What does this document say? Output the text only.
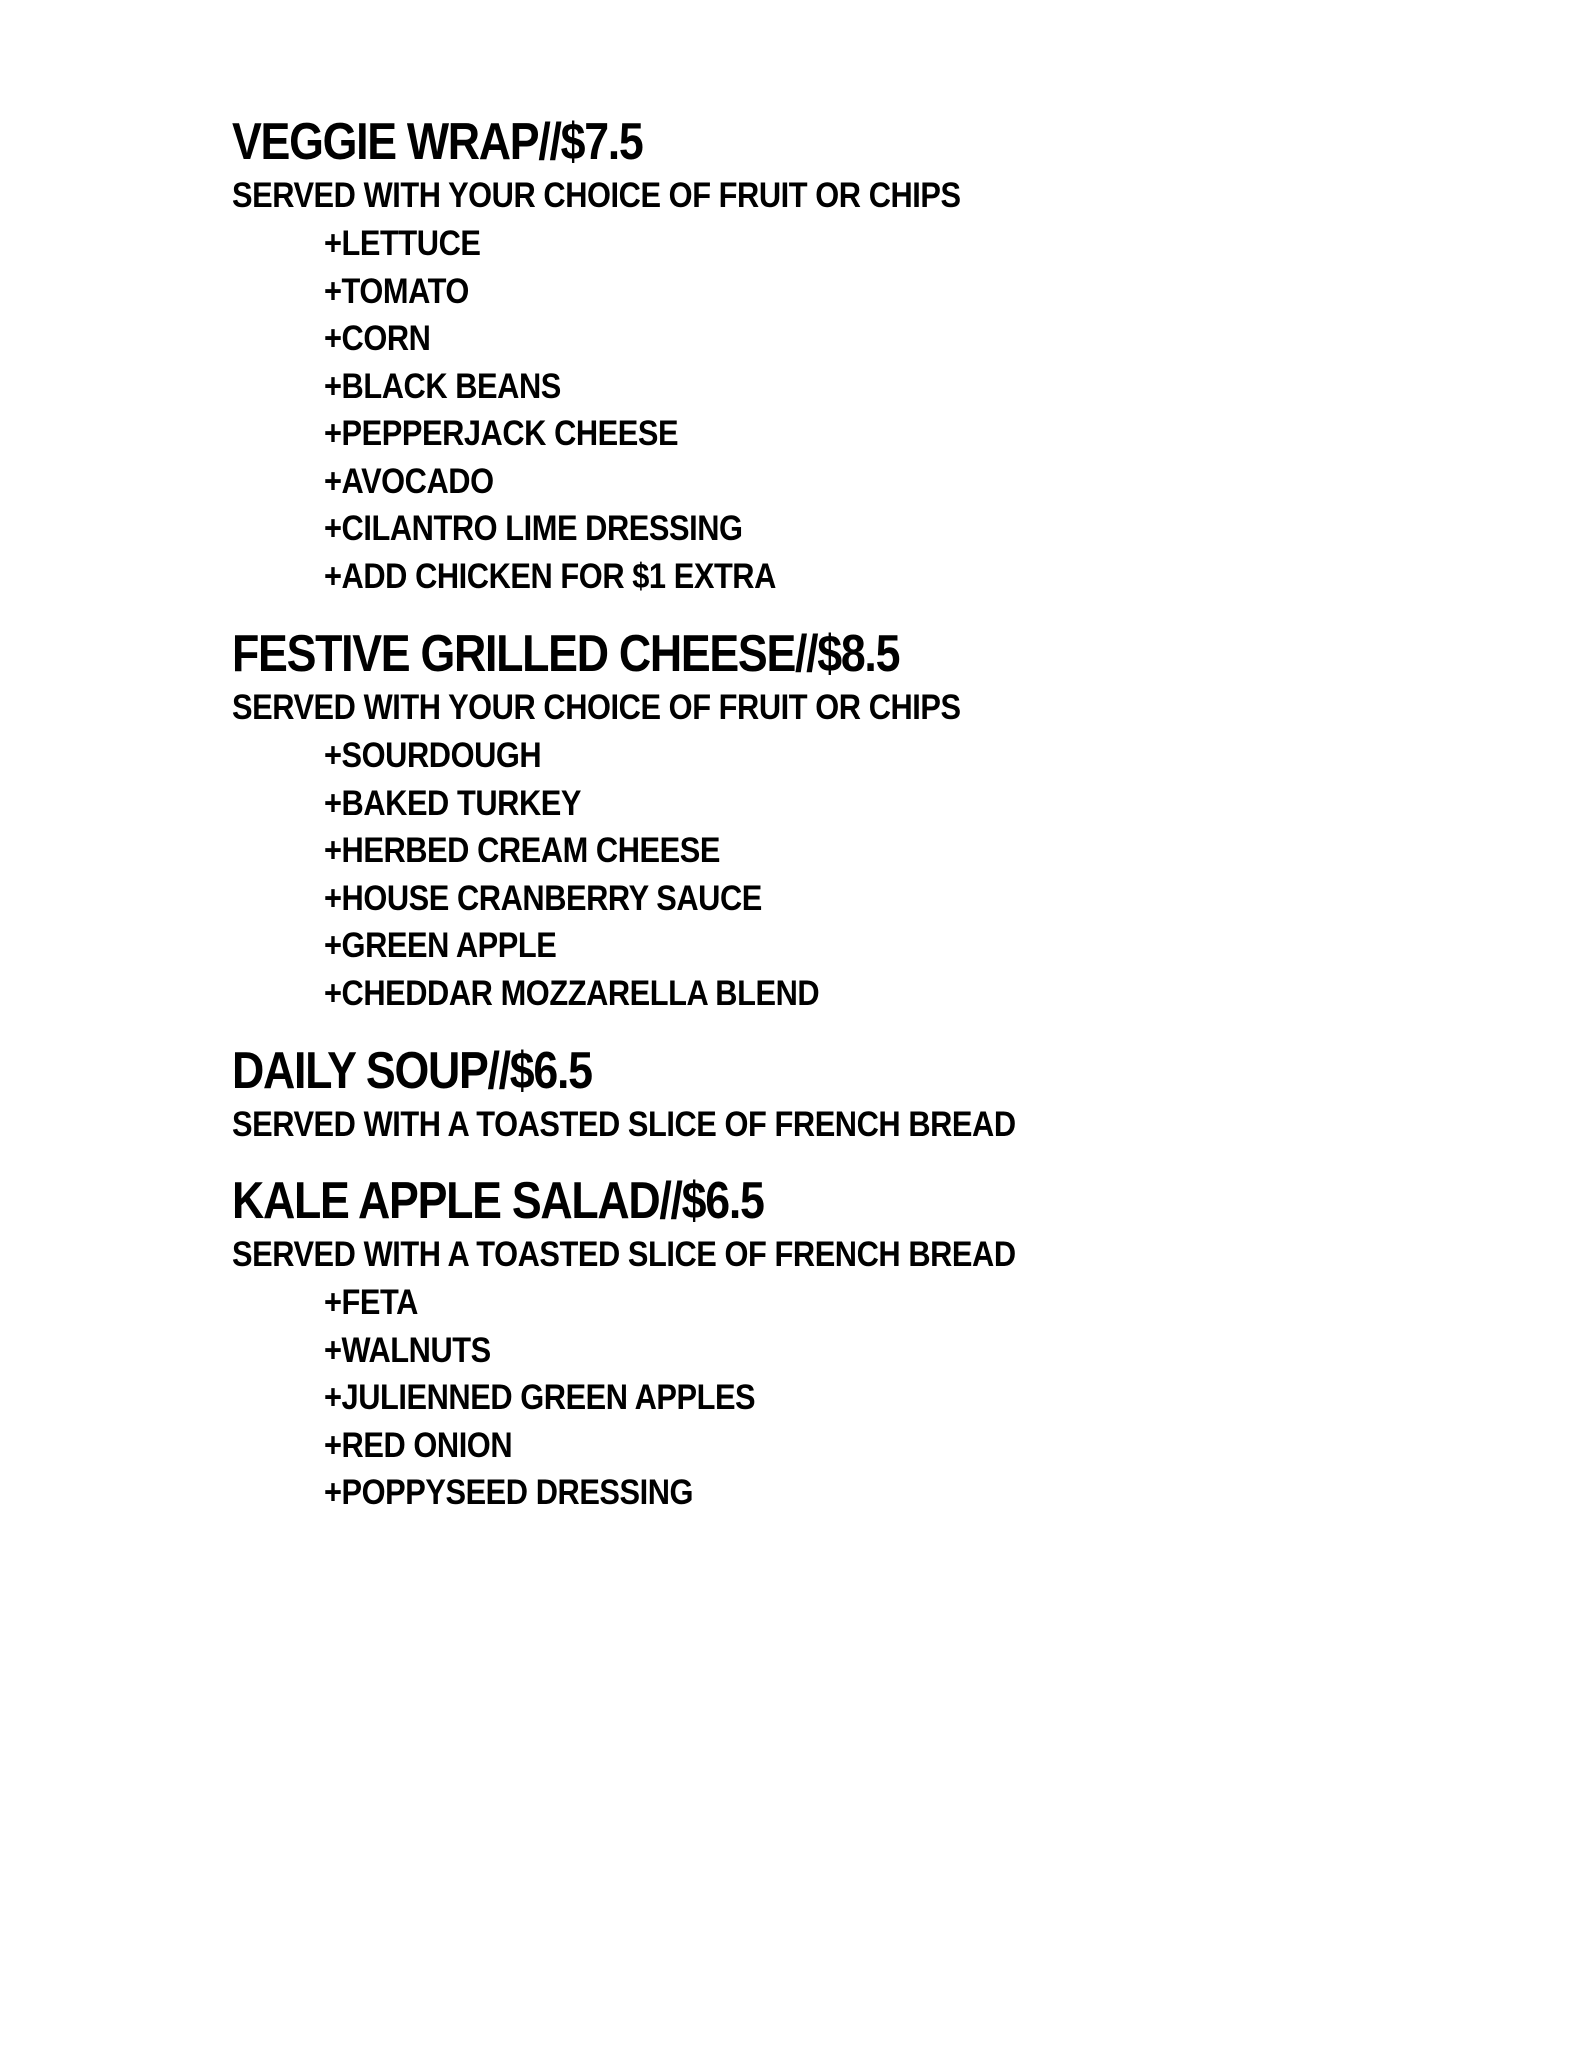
VEGGIE WRAP//$7.5
SERVED WITH YOUR CHOICE OF FRUIT OR CHIPS
+LETTUCE
+TOMATO
+CORN
+BLACK BEANS
+PEPPERJACK CHEESE
+AVOCADO
+CILANTRO LIME DRESSING
+ADD CHICKEN FOR $1 EXTRA
FESTIVE GRILLED CHEESE//$8.5
SERVED WITH YOUR CHOICE OF FRUIT OR CHIPS
+SOURDOUGH
+BAKED TURKEY
+HERBED CREAM CHEESE
+HOUSE CRANBERRY SAUCE
+GREEN APPLE
+CHEDDAR MOZZARELLA BLEND
DAILY SOUP//$6.5
SERVED WITH A TOASTED SLICE OF FRENCH BREAD
KALE APPLE SALAD//$6.5
SERVED WITH A TOASTED SLICE OF FRENCH BREAD
+FETA
+WALNUTS
+JULIENNED GREEN APPLES
+RED ONION
+POPPYSEED DRESSING
